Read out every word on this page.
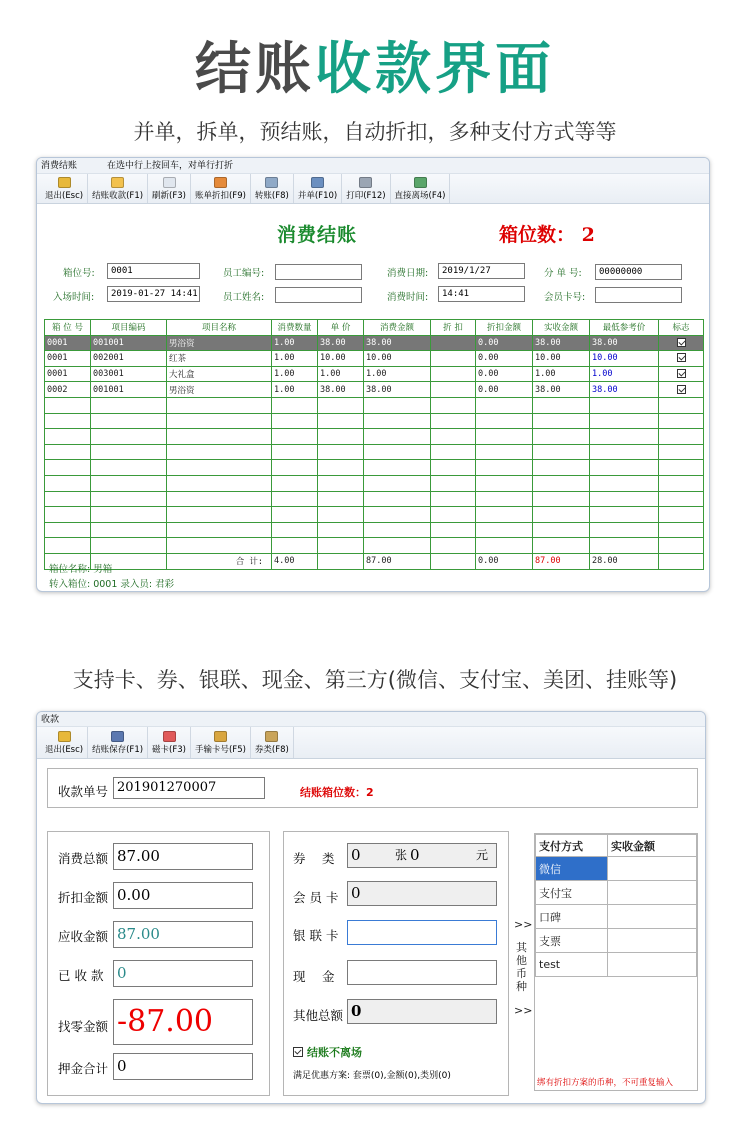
结账收款界面
并单，拆单，预结账，自动折扣，多种支付方式等等
消费结账	在选中行上按回车，对单行打折
退出(Esc) 结账收款(F1) 刷新(F3) 账单折扣(F9) 转账(F8) 并单(F10) 打印(F12) 直接离场(F4)
消费结账	箱位数： 2
箱位号:	0001	员工编号:	消费日期:	2019/1/27	分 单 号:	00000000
入场时间:	2019-01-27 14:41	员工姓名:	消费时间:	14:41	会员卡号:
箱 位 号	项目编码	项目名称	消费数量	单 价	消费金额	折 扣	折扣金额	实收金额	最低参考价	标志
0001	001001	男浴资	1.00	38.00	38.00		0.00	38.00	38.00	
0001	002001	红茶	1.00	10.00	10.00		0.00	10.00	10.00	
0001	003001	大礼盒	1.00	1.00	1.00		0.00	1.00	1.00	
0002	001001	男浴资	1.00	38.00	38.00		0.00	38.00	38.00	

		合 计:	4.00		87.00		0.00	87.00	28.00	
箱位名称: 男箱
转入箱位: 0001 录入员: 君彩
支持卡、券、银联、现金、第三方(微信、支付宝、美团、挂账等)
收款
退出(Esc) 结账保存(F1) 磁卡(F3) 手输卡号(F5) 券类(F8)
收款单号 201901270007	结账箱位数：2
券　 类 0	张 0	元
会 员 卡 0
银 联 卡
现　 金
其他总额 0
结账不离场
满足优惠方案: 套票(0),金额(0),类别(0)
>>
其他币种
>>
支付方式	实收金额
微信	
支付宝	
口碑	
支票	
test	
绑有折扣方案的币种，不可重复输入
消费总额 87.00
折扣金额 0.00
应收金额 87.00
已 收 款 0
找零金额 -87.00
押金合计 0
